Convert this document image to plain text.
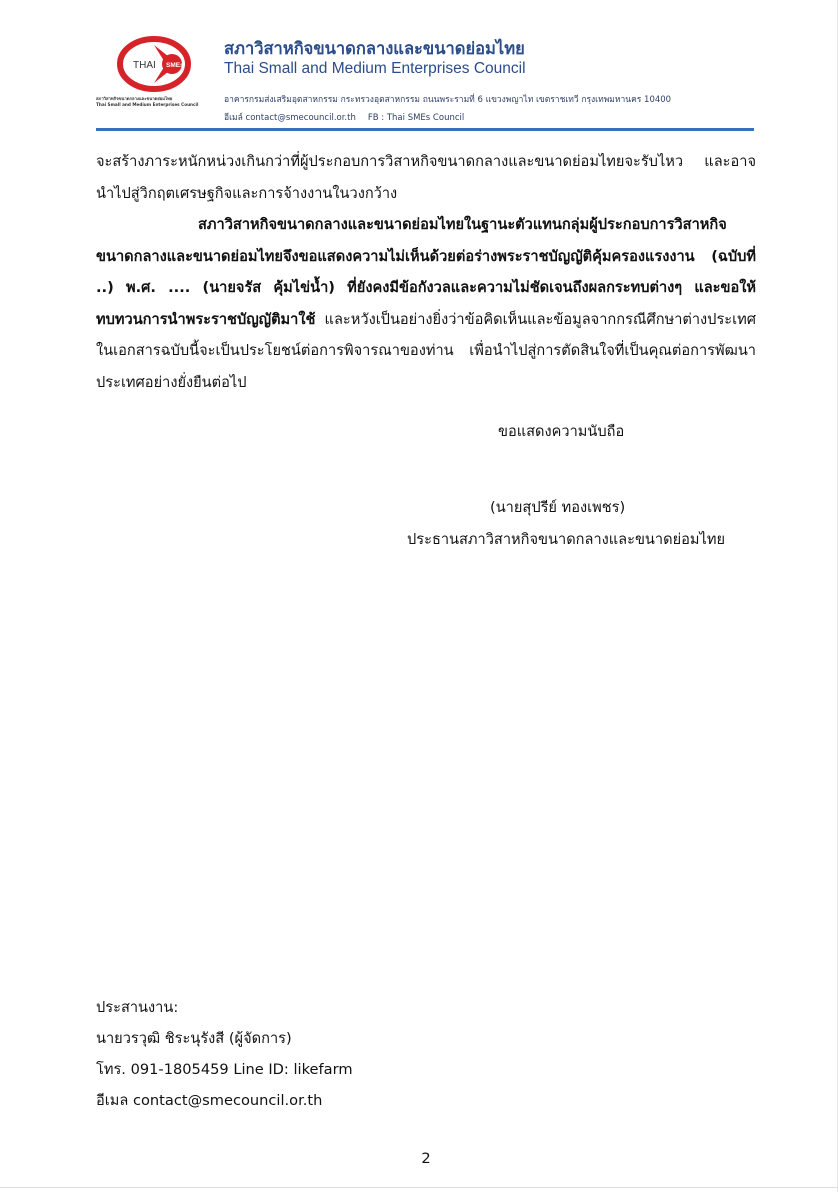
THAI SMEs
สภาวิสาหกิจขนาดกลางและขนาดย่อมไทย
Thai Small and Medium Enterprises Council
สภาวิสาหกิจขนาดกลางและขนาดย่อมไทย
Thai Small and Medium Enterprises Council
อาคารกรมส่งเสริมอุตสาหกรรม กระทรวงอุตสาหกรรม ถนนพระรามที่ 6 แขวงพญาไท เขตราชเทวี กรุงเทพมหานคร 10400
อีเมล์ contact@smecouncil.or.th FB : Thai SMEs Council

จะสร้างภาระหนักหน่วงเกินกว่าที่ผู้ประกอบการวิสาหกิจขนาดกลางและขนาดย่อมไทยจะรับไหว และอาจนำไปสู่วิกฤตเศรษฐกิจและการจ้างงานในวงกว้าง

สภาวิสาหกิจขนาดกลางและขนาดย่อมไทยในฐานะตัวแทนกลุ่มผู้ประกอบการวิสาหกิจขนาดกลางและขนาดย่อมไทยจึงขอแสดงความไม่เห็นด้วยต่อร่างพระราชบัญญัติคุ้มครองแรงงาน (ฉบับที่ ..) พ.ศ. .... (นายจรัส คุ้มไข่น้ำ) ที่ยังคงมีข้อกังวลและความไม่ชัดเจนถึงผลกระทบต่างๆ และขอให้ทบทวนการนำพระราชบัญญัติมาใช้ และหวังเป็นอย่างยิ่งว่าข้อคิดเห็นและข้อมูลจากกรณีศึกษาต่างประเทศในเอกสารฉบับนี้จะเป็นประโยชน์ต่อการพิจารณาของท่าน เพื่อนำไปสู่การตัดสินใจที่เป็นคุณต่อการพัฒนาประเทศอย่างยั่งยืนต่อไป

ขอแสดงความนับถือ
(นายสุปรีย์ ทองเพชร)
ประธานสภาวิสาหกิจขนาดกลางและขนาดย่อมไทย
ประสานงาน:
นายวรวุฒิ ชิระนุรังสี (ผู้จัดการ)
โทร. 091-1805459 Line ID: likefarm
อีเมล contact@smecouncil.or.th
2
